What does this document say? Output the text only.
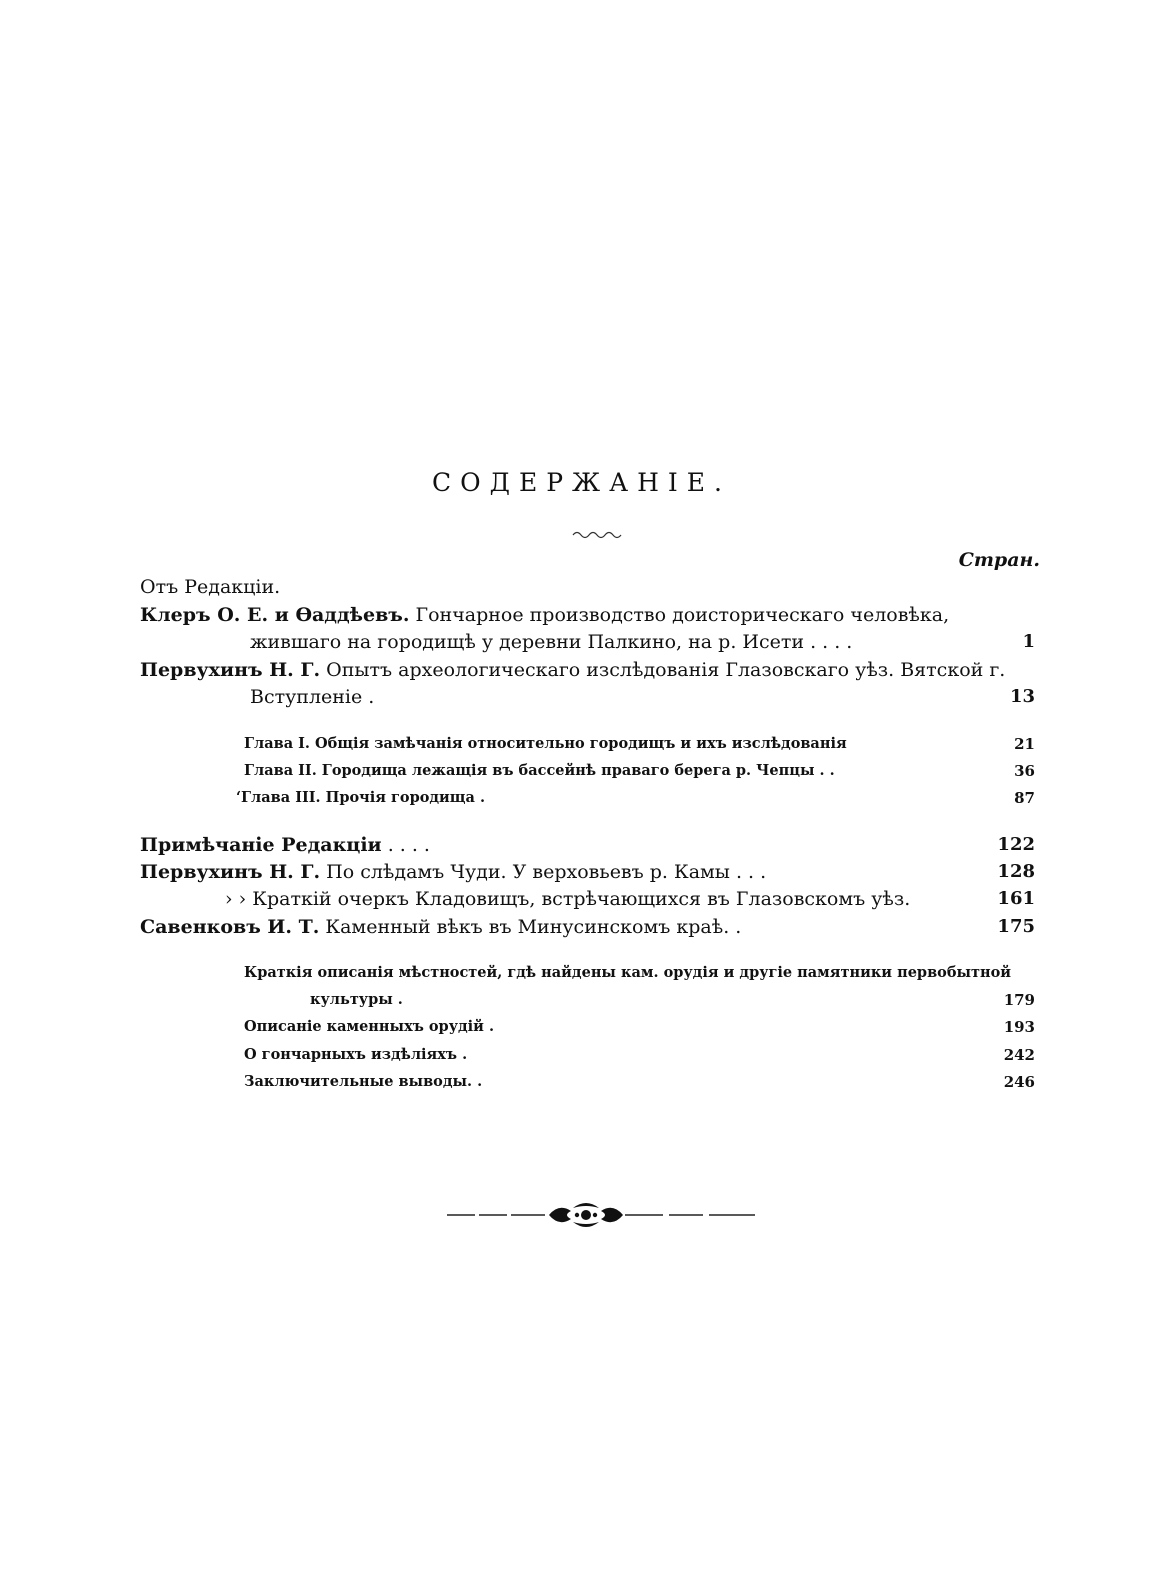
СОДЕРЖАНІЕ.
Стран.
Отъ Редакціи.
Клеръ О. Е. и Ѳаддѣевъ. Гончарное производство доисторическаго человѣка,
жившаго на городищѣ у деревни Палкино, на р. Исети . . . .	1
Первухинъ Н. Г. Опытъ археологическаго изслѣдованія Глазовскаго уѣз. Вятской г.
Вступленіе .	13
Глава I. Общія замѣчанія относительно городищъ и ихъ изслѣдованія	21
Глава II. Городища лежащія въ бассейнѣ праваго берега р. Чепцы . .	36
ʻГлава III. Прочія городища .	87
Примѣчаніе Редакціи . . . .	122
Первухинъ Н. Г. По слѣдамъ Чуди. У верховьевъ р. Камы . . .	128
› › Краткій очеркъ Кладовищъ, встрѣчающихся въ Глазовскомъ уѣз.	161
Савенковъ И. Т. Каменный вѣкъ въ Минусинскомъ краѣ. .	175
Краткія описанія мѣстностей, гдѣ найдены кам. орудія и другіе памятники первобытной
культуры .	179
Описаніе каменныхъ орудій .	193
О гончарныхъ издѣліяхъ .	242
Заключительные выводы. .	246
